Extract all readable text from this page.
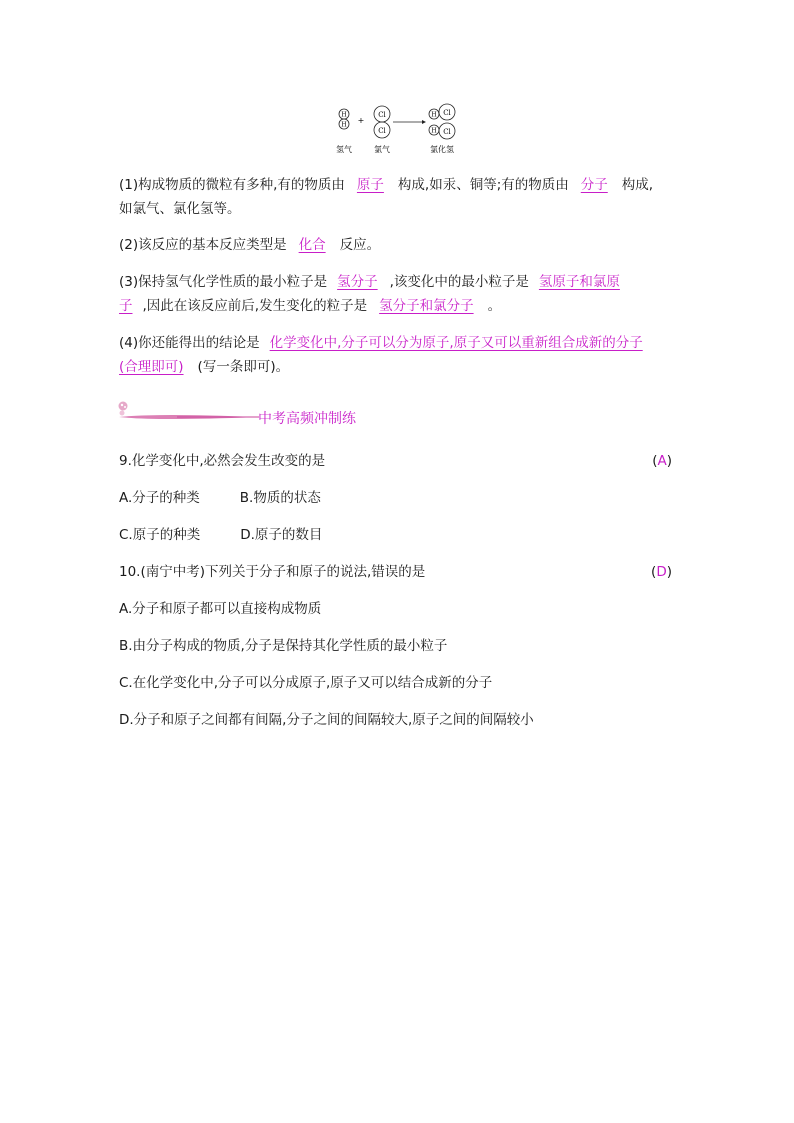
H
H +
Cl
Cl
H Cl
H Cl
氢气	氯气	氯化氢
(1)构成物质的微粒有多种,有的物质由 原子 构成,如汞、铜等;有的物质由 分子 构成,
如氯气、氯化氢等。
(2)该反应的基本反应类型是 化合 反应。
(3)保持氢气化学性质的最小粒子是 氢分子 ,该变化中的最小粒子是 氢原子和氯原
子 ,因此在该反应前后,发生变化的粒子是 氢分子和氯分子 。
(4)你还能得出的结论是 化学变化中,分子可以分为原子,原子又可以重新组合成新的分子
(合理即可) (写一条即可)。
中考高频冲制练
9.化学变化中,必然会发生改变的是	(A)
A.分子的种类	B.物质的状态
C.原子的种类	D.原子的数目
10.(南宁中考)下列关于分子和原子的说法,错误的是	(D)
A.分子和原子都可以直接构成物质
B.由分子构成的物质,分子是保持其化学性质的最小粒子
C.在化学变化中,分子可以分成原子,原子又可以结合成新的分子
D.分子和原子之间都有间隔,分子之间的间隔较大,原子之间的间隔较小
